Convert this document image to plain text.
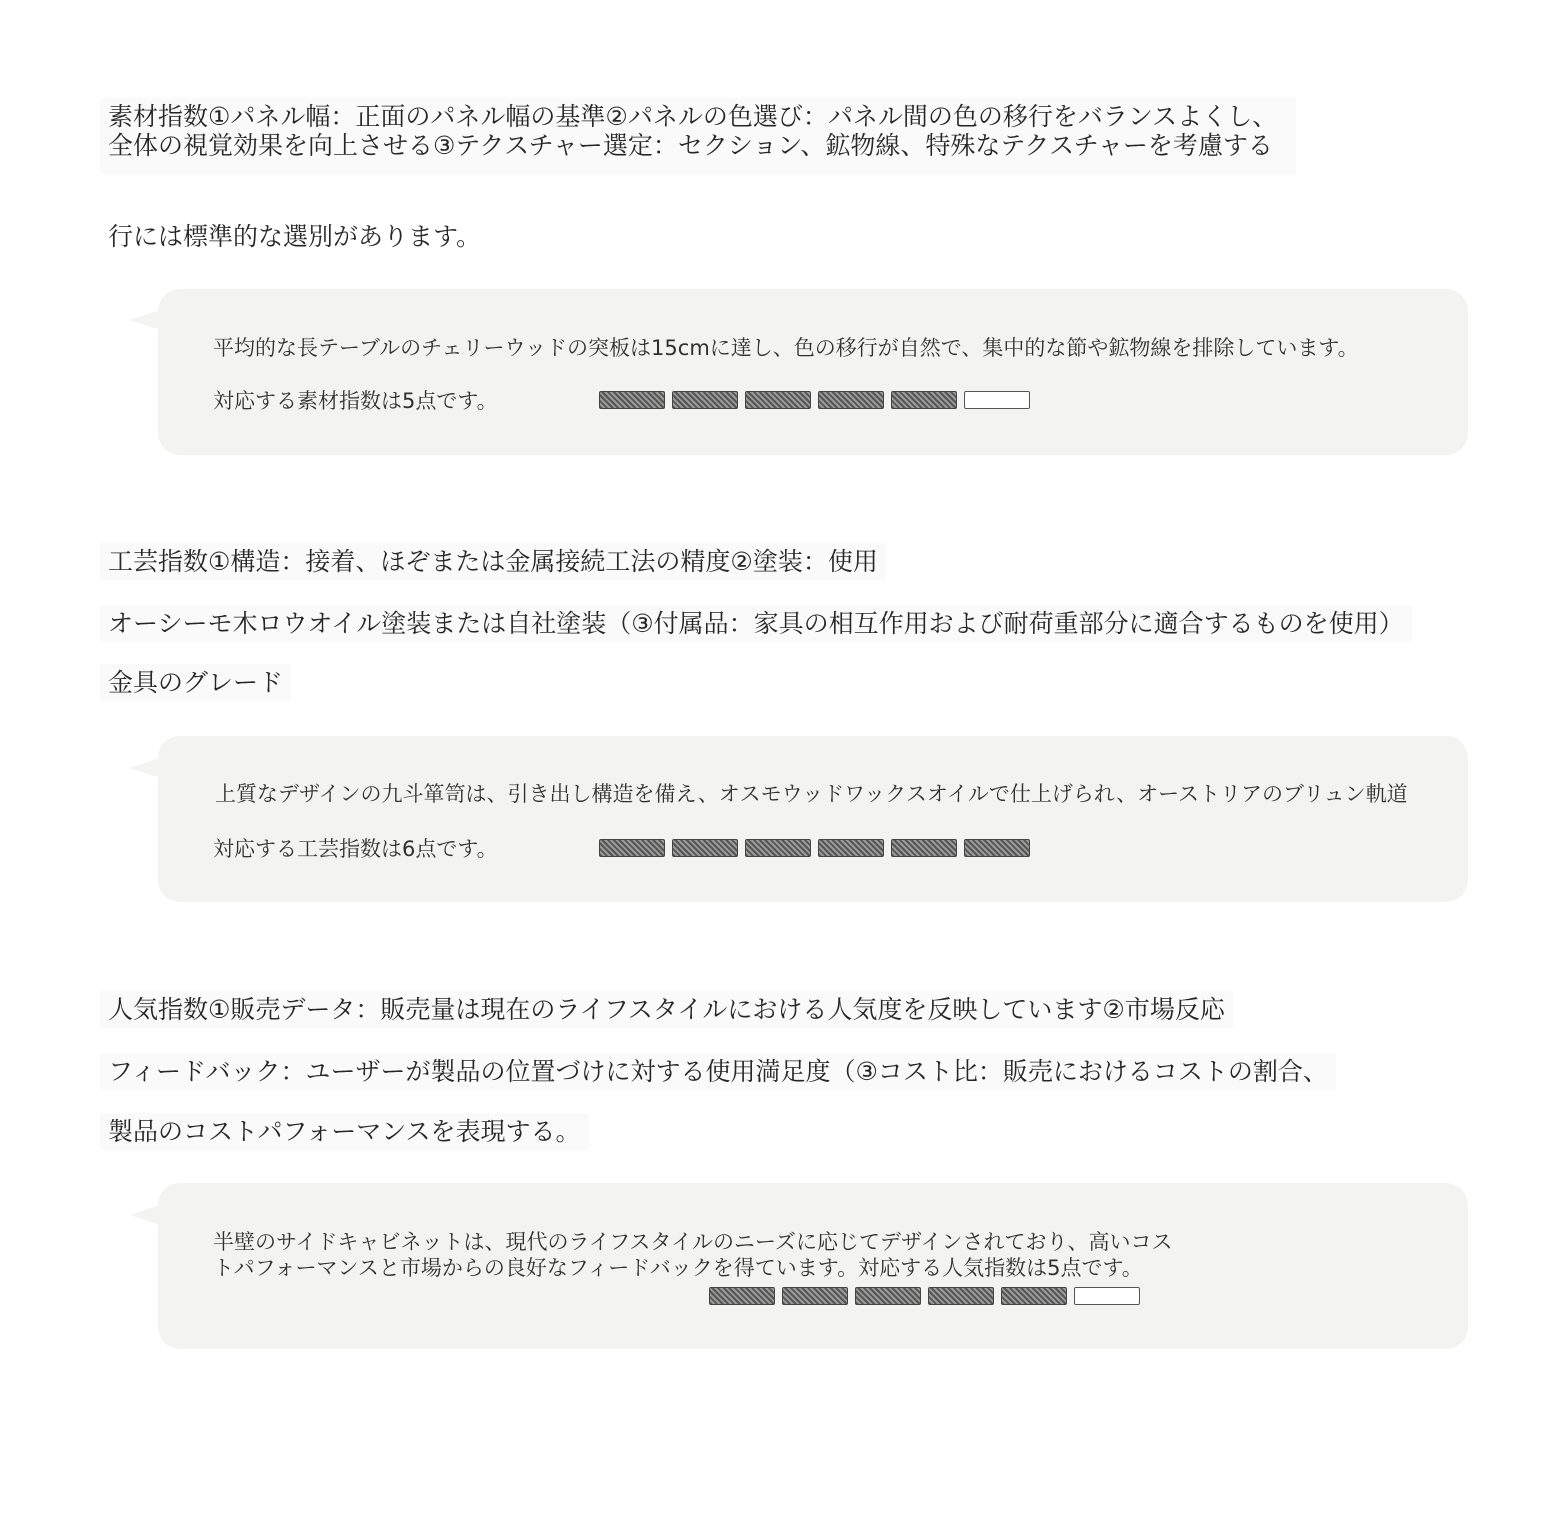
素材指数①パネル幅：正面のパネル幅の基準②パネルの色選び：パネル間の色の移行をバランスよくし、全体の視覚効果を向上させる③テクスチャー選定：セクション、鉱物線、特殊なテクスチャーを考慮する
行には標準的な選別があります。
平均的な長テーブルのチェリーウッドの突板は15cmに達し、色の移行が自然で、集中的な節や鉱物線を排除しています。
対応する素材指数は5点です。
工芸指数①構造：接着、ほぞまたは金属接続工法の精度②塗装：使用
オーシーモ木ロウオイル塗装または自社塗装（③付属品：家具の相互作用および耐荷重部分に適合するものを使用）
金具のグレード
上質なデザインの九斗箪笥は、引き出し構造を備え、オスモウッドワックスオイルで仕上げられ、オーストリアのブリュン軌道
対応する工芸指数は6点です。
人気指数①販売データ：販売量は現在のライフスタイルにおける人気度を反映しています②市場反応
フィードバック：ユーザーが製品の位置づけに対する使用満足度（③コスト比：販売におけるコストの割合、
製品のコストパフォーマンスを表現する。
半壁のサイドキャビネットは、現代のライフスタイルのニーズに応じてデザインされており、高いコストパフォーマンスと市場からの良好なフィードバックを得ています。対応する人気指数は5点です。
